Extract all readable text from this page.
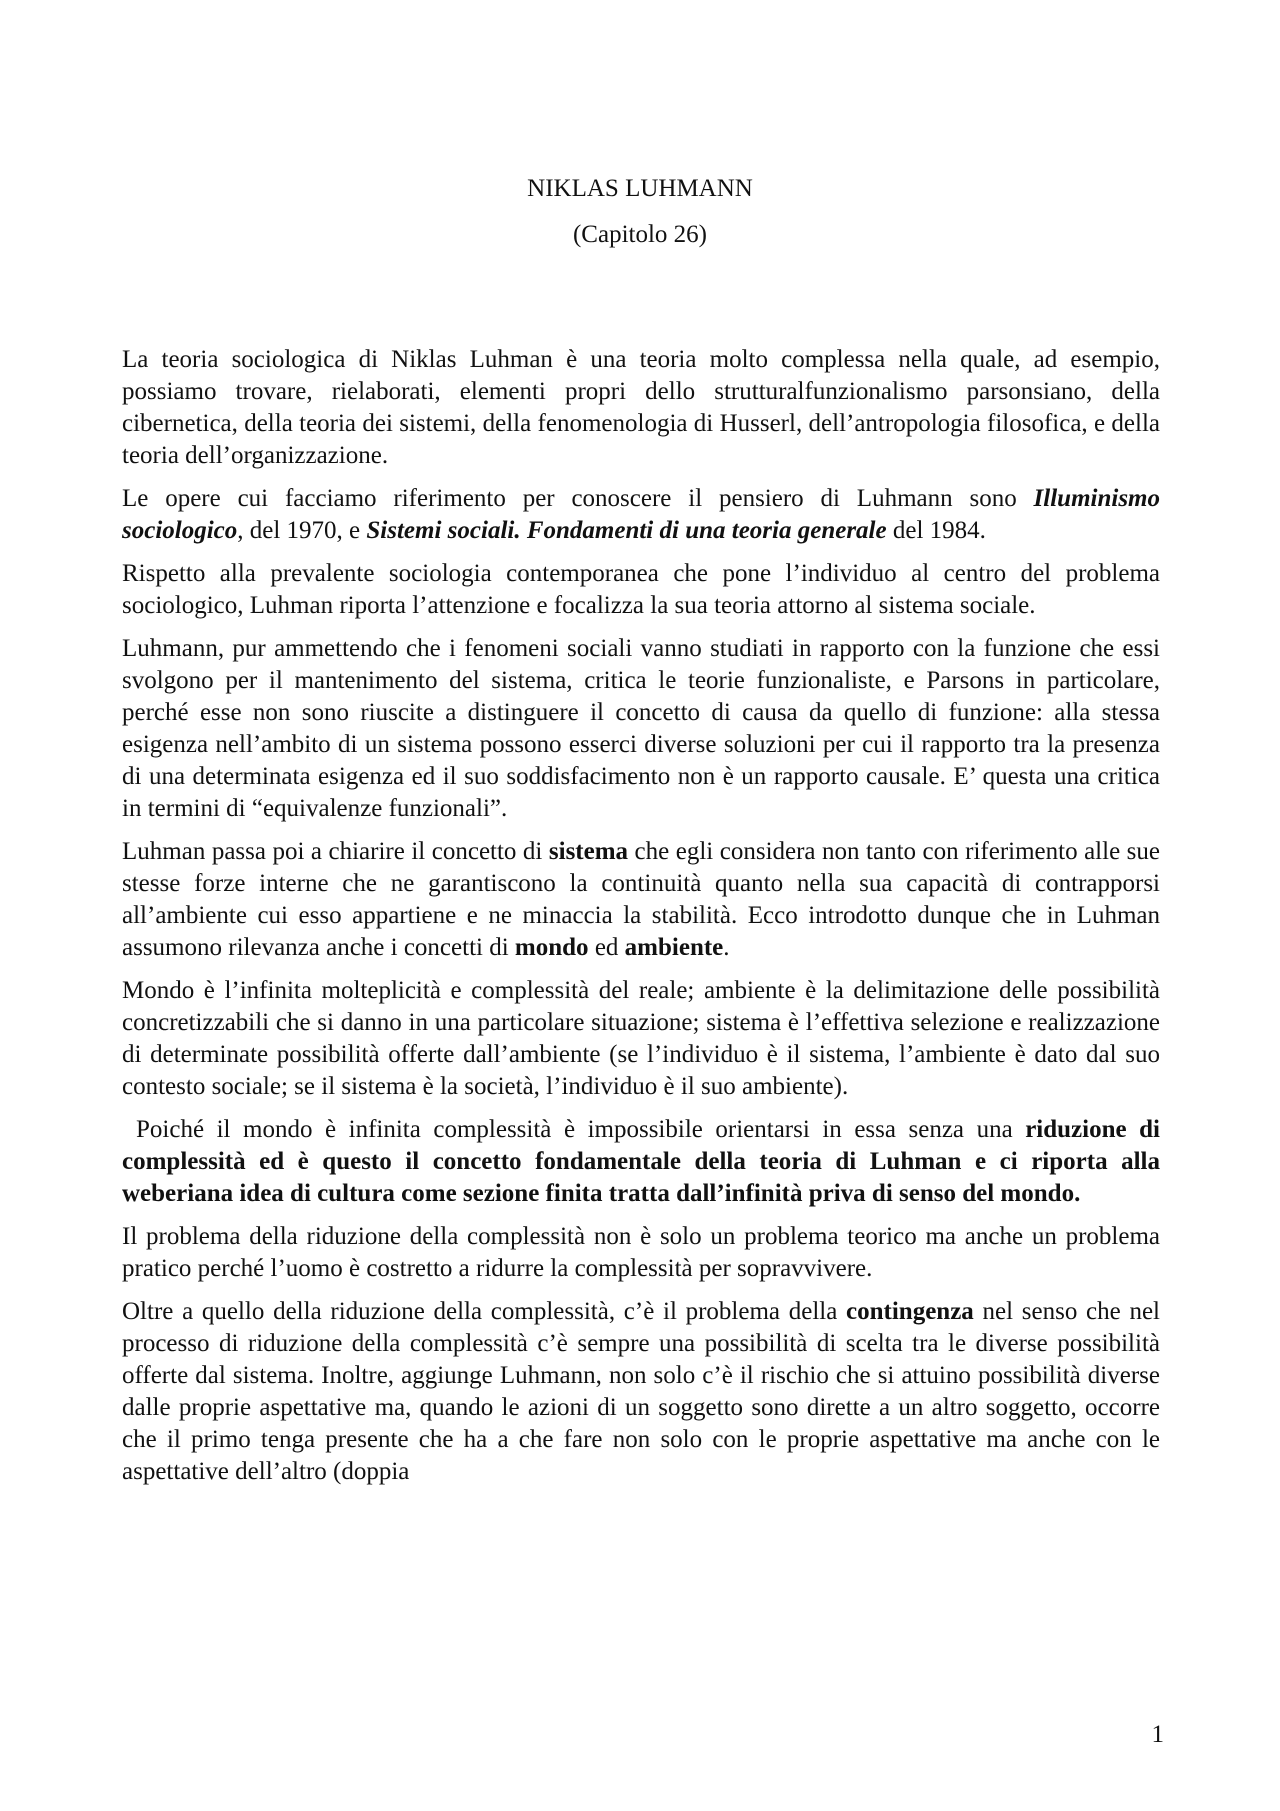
NIKLAS LUHMANN
(Capitolo 26)

La teoria sociologica di Niklas Luhman è una teoria molto complessa nella quale, ad esempio, possiamo trovare, rielaborati, elementi propri dello strutturalfunzionalismo parsonsiano, della cibernetica, della teoria dei sistemi, della fenomenologia di Husserl, dell’antropologia filosofica, e della teoria dell’organizzazione.

Le opere cui facciamo riferimento per conoscere il pensiero di Luhmann sono Illuminismo sociologico, del 1970, e Sistemi sociali. Fondamenti di una teoria generale del 1984.

Rispetto alla prevalente sociologia contemporanea che pone l’individuo al centro del problema sociologico, Luhman riporta l’attenzione e focalizza la sua teoria attorno al sistema sociale.

Luhmann, pur ammettendo che i fenomeni sociali vanno studiati in rapporto con la funzione che essi svolgono per il mantenimento del sistema, critica le teorie funzionaliste, e Parsons in particolare, perché esse non sono riuscite a distinguere il concetto di causa da quello di funzione: alla stessa esigenza nell’ambito di un sistema possono esserci diverse soluzioni per cui il rapporto tra la presenza di una determinata esigenza ed il suo soddisfacimento non è un rapporto causale. E’ questa una critica in termini di “equivalenze funzionali”.

Luhman passa poi a chiarire il concetto di sistema che egli considera non tanto con riferimento alle sue stesse forze interne che ne garantiscono la continuità quanto nella sua capacità di contrapporsi all’ambiente cui esso appartiene e ne minaccia la stabilità. Ecco introdotto dunque che in Luhman assumono rilevanza anche i concetti di mondo ed ambiente.

Mondo è l’infinita molteplicità e complessità del reale; ambiente è la delimitazione delle possibilità concretizzabili che si danno in una particolare situazione; sistema è l’effettiva selezione e realizzazione di determinate possibilità offerte dall’ambiente (se l’individuo è il sistema, l’ambiente è dato dal suo contesto sociale; se il sistema è la società, l’individuo è il suo ambiente).

Poiché il mondo è infinita complessità è impossibile orientarsi in essa senza una riduzione di complessità ed è questo il concetto fondamentale della teoria di Luhman e ci riporta alla weberiana idea di cultura come sezione finita tratta dall’infinità priva di senso del mondo.

Il problema della riduzione della complessità non è solo un problema teorico ma anche un problema pratico perché l’uomo è costretto a ridurre la complessità per sopravvivere.

Oltre a quello della riduzione della complessità, c’è il problema della contingenza nel senso che nel processo di riduzione della complessità c’è sempre una possibilità di scelta tra le diverse possibilità offerte dal sistema. Inoltre, aggiunge Luhmann, non solo c’è il rischio che si attuino possibilità diverse dalle proprie aspettative ma, quando le azioni di un soggetto sono dirette a un altro soggetto, occorre che il primo tenga presente che ha a che fare non solo con le proprie aspettative ma anche con le aspettative dell’altro (doppia

1
